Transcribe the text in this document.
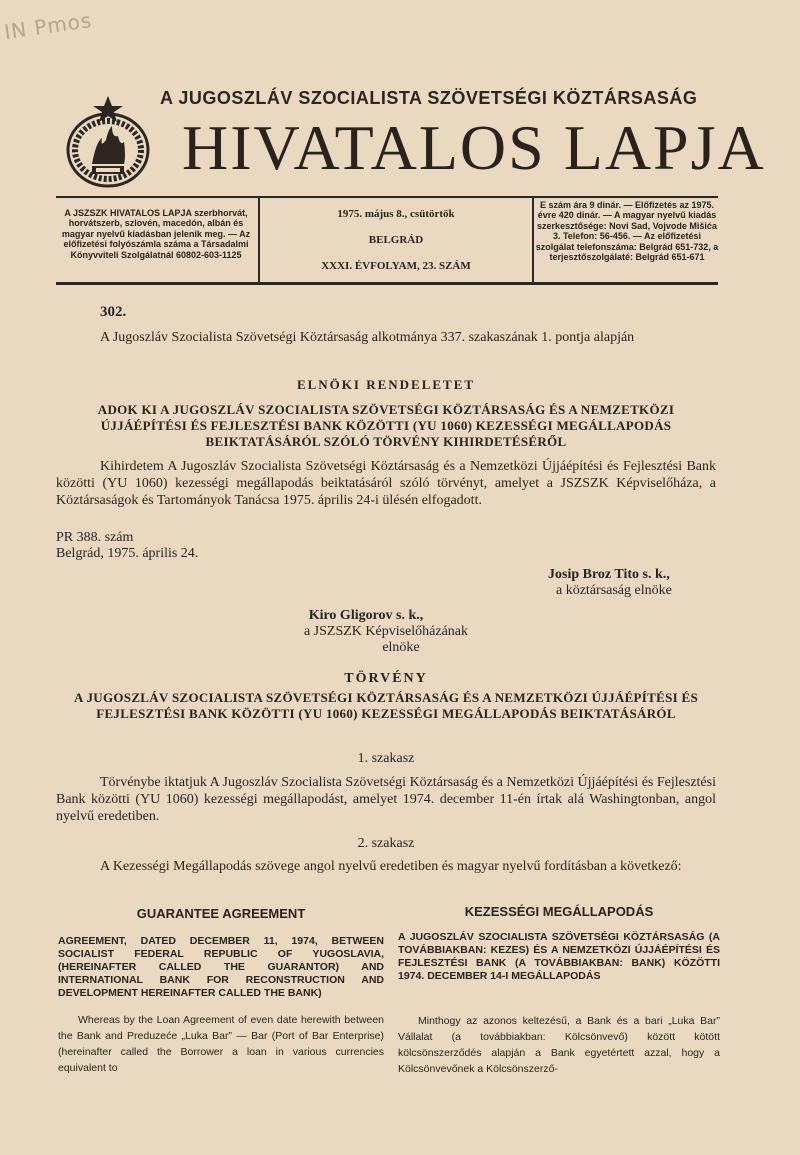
IN Pmos
A JUGOSZLÁV SZOCIALISTA SZÖVETSÉGI KÖZTÁRSASÁG
HIVATALOS LAPJA
A JSZSZK HIVATALOS LAPJA szerbhorvát, horvátszerb, szlovén, macedón, albán és magyar nyelvű kiadásban jelenik meg. — Az előfizetési folyószámla száma a Társadalmi Könyvviteli Szolgálatnál 60802-603-1125
1975. május 8., csütörtök
BELGRÁD
XXXI. ÉVFOLYAM, 23. SZÁM
E szám ára 9 dinár. — Előfizetés az 1975. évre 420 dinár. — A magyar nyelvű kiadás szerkesztősége: Novi Sad, Vojvode Mišića 3. Telefon: 56-456. — Az előfizetési szolgálat telefonszáma: Belgrád 651-732, a terjesztőszolgálaté: Belgrád 651-671
302.
A Jugoszláv Szocialista Szövetségi Köztársaság alkotmánya 337. szakaszának 1. pontja alapján
ELNÖKI RENDELETET
ADOK KI A JUGOSZLÁV SZOCIALISTA SZÖVETSÉGI KÖZTÁRSASÁG ÉS A NEMZETKÖZI ÚJJÁÉPÍTÉSI ÉS FEJLESZTÉSI BANK KÖZÖTTI (YU 1060) KEZESSÉGI MEGÁLLAPODÁS BEIKTATÁSÁRÓL SZÓLÓ TÖRVÉNY KIHIRDETÉSÉRŐL
Kihirdetem A Jugoszláv Szocialista Szövetségi Köztársaság és a Nemzetközi Újjáépítési és Fejlesztési Bank közötti (YU 1060) kezességi megállapodás beiktatásáról szóló törvényt, amelyet a JSZSZK Képviselőháza, a Köztársaságok és Tartományok Tanácsa 1975. április 24-i ülésén elfogadott.
PR 388. szám
Belgrád, 1975. április 24.
Josip Broz Tito s. k.,
a köztársaság elnöke
Kiro Gligorov s. k.,
a JSZSZK Képviselőházának
elnöke
TÖRVÉNY
A JUGOSZLÁV SZOCIALISTA SZÖVETSÉGI KÖZTÁRSASÁG ÉS A NEMZETKÖZI ÚJJÁÉPÍTÉSI ÉS FEJLESZTÉSI BANK KÖZÖTTI (YU 1060) KEZESSÉGI MEGÁLLAPODÁS BEIKTATÁSÁRÓL
1. szakasz
Törvénybe iktatjuk A Jugoszláv Szocialista Szövetségi Köztársaság és a Nemzetközi Újjáépítési és Fejlesztési Bank közötti (YU 1060) kezességi megállapodást, amelyet 1974. december 11-én írtak alá Washingtonban, angol nyelvű eredetiben.
2. szakasz
A Kezességi Megállapodás szövege angol nyelvű eredetiben és magyar nyelvű fordításban a következő:
GUARANTEE AGREEMENT
AGREEMENT, DATED DECEMBER 11, 1974, BETWEEN SOCIALIST FEDERAL REPUBLIC OF YUGOSLAVIA, (HEREINAFTER CALLED THE GUARANTOR) AND INTERNATIONAL BANK FOR RECONSTRUCTION AND DEVELOPMENT HEREINAFTER CALLED THE BANK)
Whereas by the Loan Agreement of even date herewith between the Bank and Preduzeće „Luka Bar” — Bar (Port of Bar Enterprise) (hereinafter called the Borrower a loan in various currencies equivalent to
KEZESSÉGI MEGÁLLAPODÁS
A JUGOSZLÁV SZOCIALISTA SZÖVETSÉGI KÖZTÁRSASÁG (A TOVÁBBIAKBAN: KEZES) ÉS A NEMZETKÖZI ÚJJÁÉPÍTÉSI ÉS FEJLESZTÉSI BANK (A TOVÁBBIAKBAN: BANK) KÖZÖTTI 1974. DECEMBER 14-I MEGÁLLAPODÁS
Minthogy az azonos keltezésű, a Bank és a bari „Luka Bar” Vállalat (a továbbiakban: Kölcsönvevő) között kötött kölcsönszerződés alapján a Bank egyetértett azzal, hogy a Kölcsönvevőnek a Kölcsönszerző-
